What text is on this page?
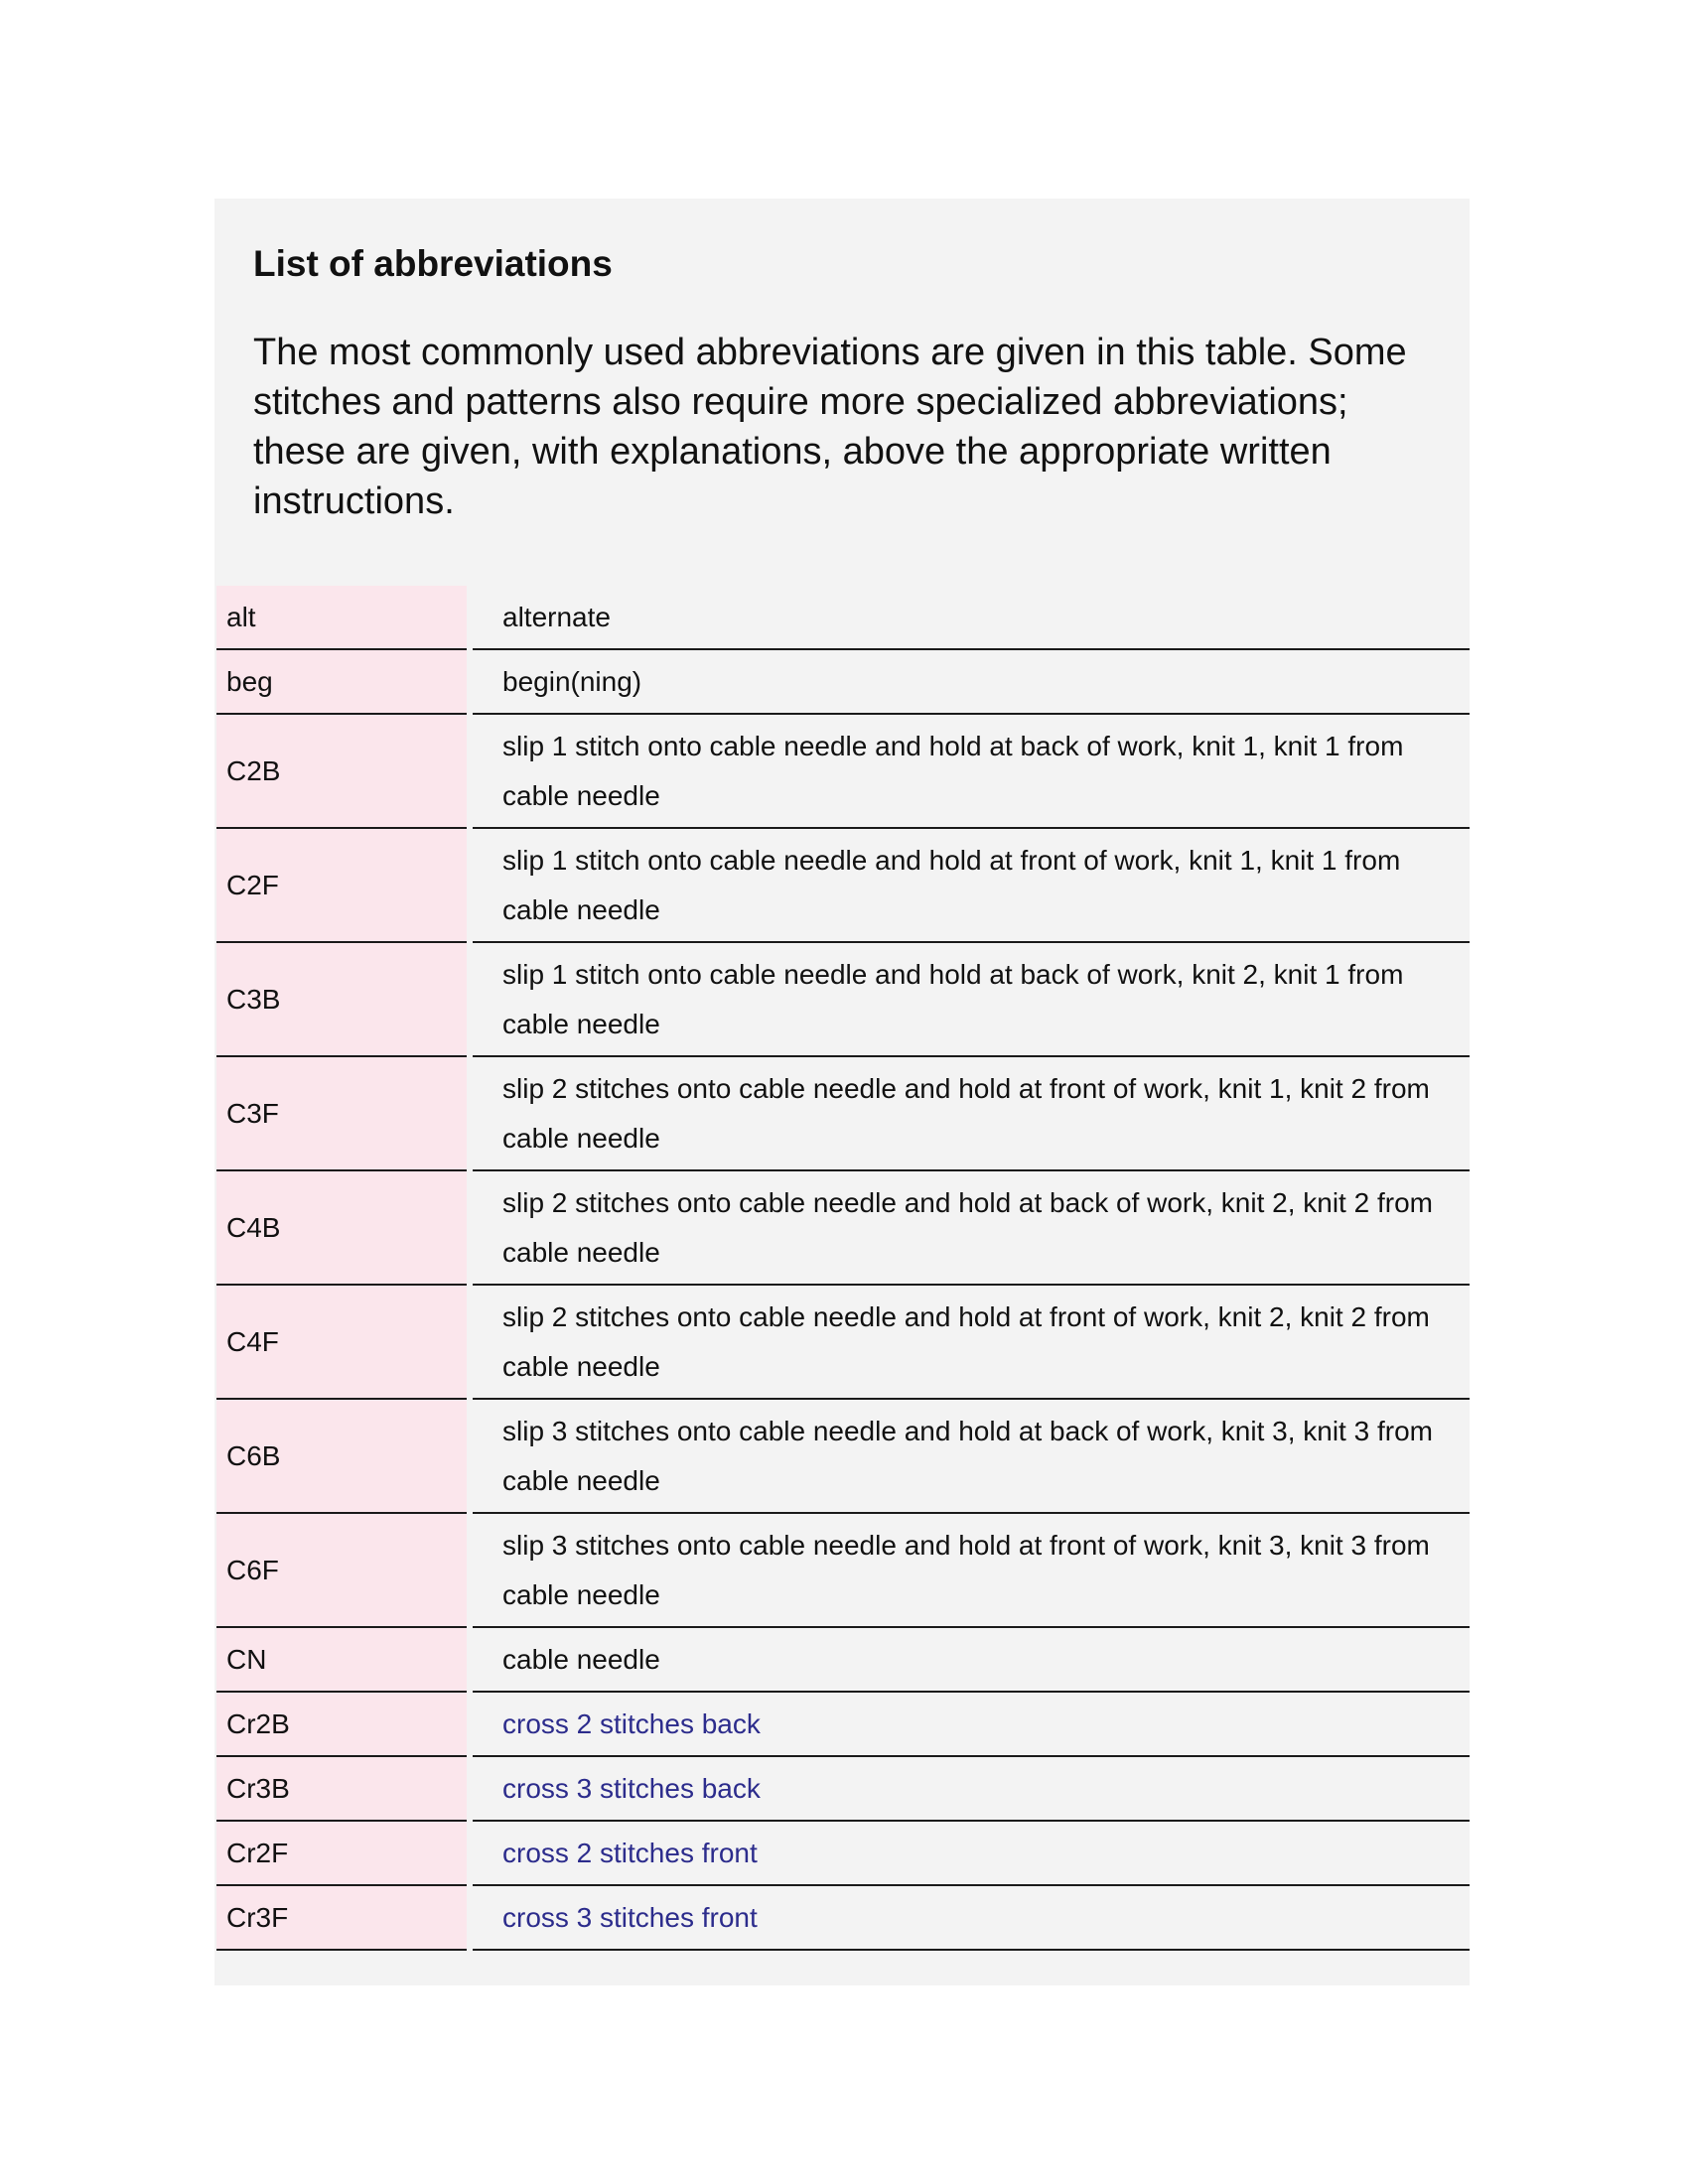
List of abbreviations

The most commonly used abbreviations are given in this table. Some stitches and patterns also require more specialized abbreviations; these are given, with explanations, above the appropriate written instructions.

alt	alternate
beg	begin(ning)
C2B	slip 1 stitch onto cable needle and hold at back of work, knit 1, knit 1 from cable needle
C2F	slip 1 stitch onto cable needle and hold at front of work, knit 1, knit 1 from cable needle
C3B	slip 1 stitch onto cable needle and hold at back of work, knit 2, knit 1 from cable needle
C3F	slip 2 stitches onto cable needle and hold at front of work, knit 1, knit 2 from cable needle
C4B	slip 2 stitches onto cable needle and hold at back of work, knit 2, knit 2 from cable needle
C4F	slip 2 stitches onto cable needle and hold at front of work, knit 2, knit 2 from cable needle
C6B	slip 3 stitches onto cable needle and hold at back of work, knit 3, knit 3 from cable needle
C6F	slip 3 stitches onto cable needle and hold at front of work, knit 3, knit 3 from cable needle
CN	cable needle
Cr2B	cross 2 stitches back
Cr3B	cross 3 stitches back
Cr2F	cross 2 stitches front
Cr3F	cross 3 stitches front
